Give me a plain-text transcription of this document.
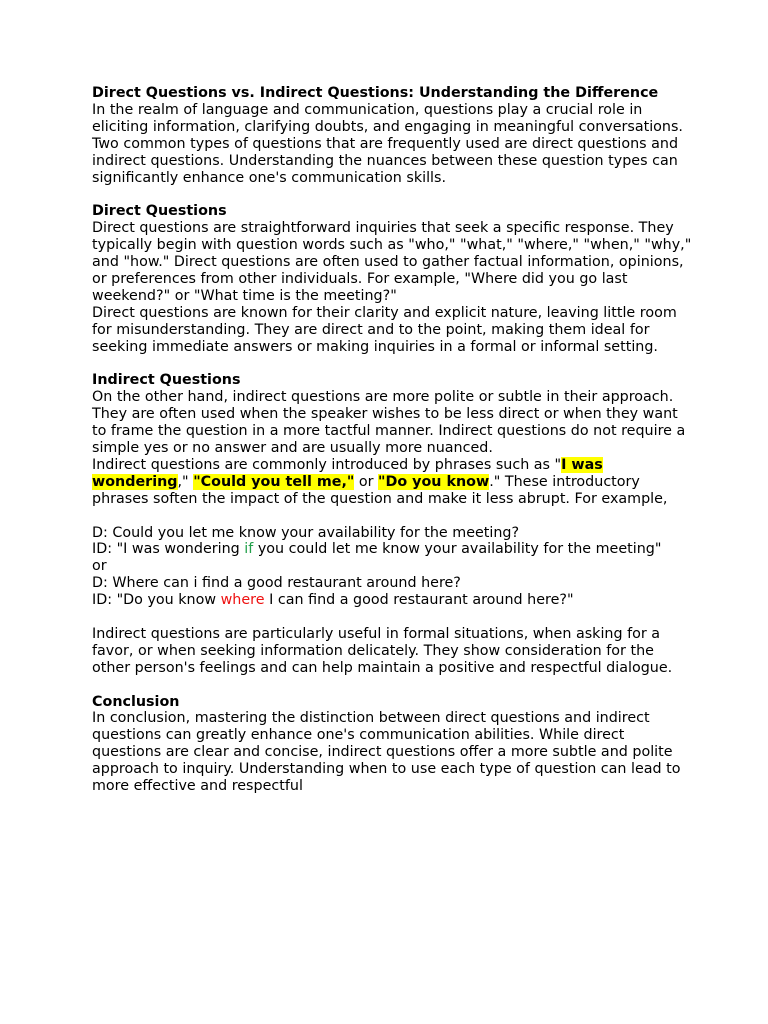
Direct Questions vs. Indirect Questions: Understanding the Difference

In the realm of language and communication, questions play a crucial role in eliciting information, clarifying doubts, and engaging in meaningful conversations. Two common types of questions that are frequently used are direct questions and indirect questions. Understanding the nuances between these question types can significantly enhance one's communication skills.

Direct Questions

Direct questions are straightforward inquiries that seek a specific response. They typically begin with question words such as "who," "what," "where," "when," "why," and "how." Direct questions are often used to gather factual information, opinions, or preferences from other individuals. For example, "Where did you go last weekend?" or "What time is the meeting?"

Direct questions are known for their clarity and explicit nature, leaving little room for misunderstanding. They are direct and to the point, making them ideal for seeking immediate answers or making inquiries in a formal or informal setting.

Indirect Questions

On the other hand, indirect questions are more polite or subtle in their approach. They are often used when the speaker wishes to be less direct or when they want to frame the question in a more tactful manner. Indirect questions do not require a simple yes or no answer and are usually more nuanced.

Indirect questions are commonly introduced by phrases such as "I was wondering," "Could you tell me," or "Do you know." These introductory phrases soften the impact of the question and make it less abrupt. For example,

D: Could you let me know your availability for the meeting?

ID: "I was wondering if you could let me know your availability for the meeting"

or

D: Where can i find a good restaurant around here?

ID: "Do you know where I can find a good restaurant around here?"

Indirect questions are particularly useful in formal situations, when asking for a favor, or when seeking information delicately. They show consideration for the other person's feelings and can help maintain a positive and respectful dialogue.

Conclusion

In conclusion, mastering the distinction between direct questions and indirect questions can greatly enhance one's communication abilities. While direct questions are clear and concise, indirect questions offer a more subtle and polite approach to inquiry. Understanding when to use each type of question can lead to more effective and respectful
